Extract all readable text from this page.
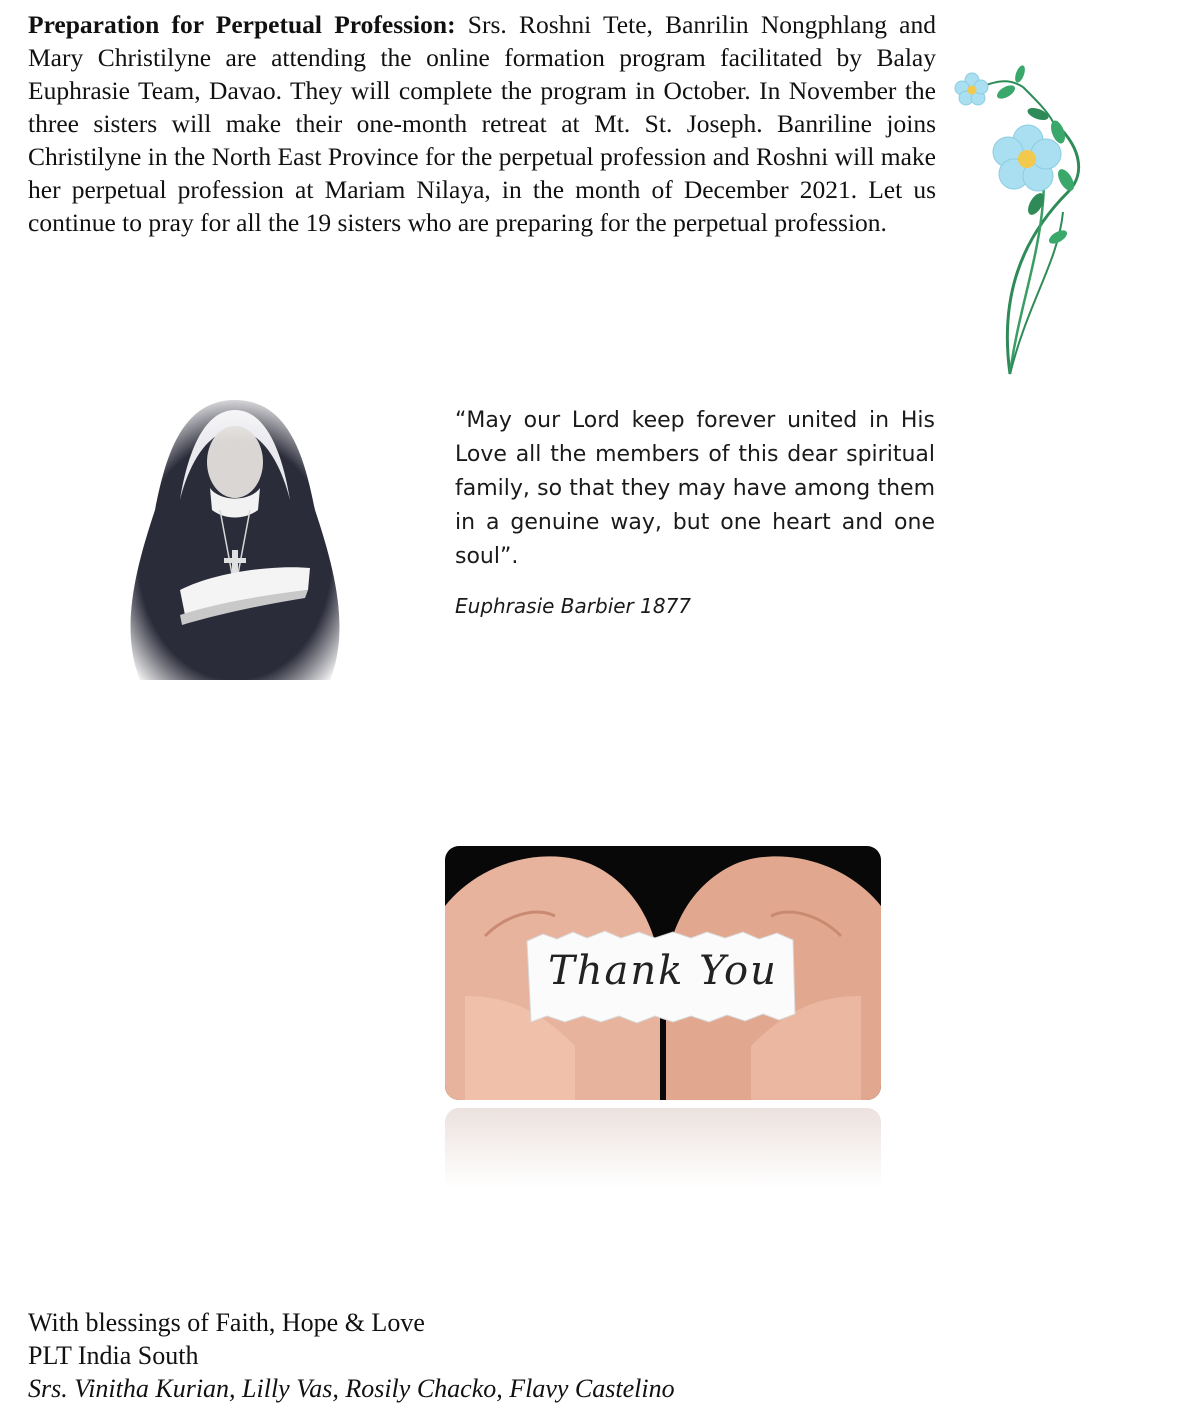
Preparation for Perpetual Profession: Srs. Roshni Tete, Banrilin Nongphlang and Mary Christilyne are attending the online formation program facilitated by Balay Euphrasie Team, Davao. They will complete the program in October. In November the three sisters will make their one-month retreat at Mt. St. Joseph. Banriline joins Christilyne in the North East Province for the perpetual profession and Roshni will make her perpetual profession at Mariam Nilaya, in the month of December 2021. Let us continue to pray for all the 19 sisters who are preparing for the perpetual profession.

“May our Lord keep forever united in His Love all the members of this dear spiritual family, so that they may have among them in a genuine way, but one heart and one soul”.

Euphrasie Barbier 1877

Thank You
With blessings of Faith, Hope & Love
PLT India South
Srs. Vinitha Kurian, Lilly Vas, Rosily Chacko, Flavy Castelino
